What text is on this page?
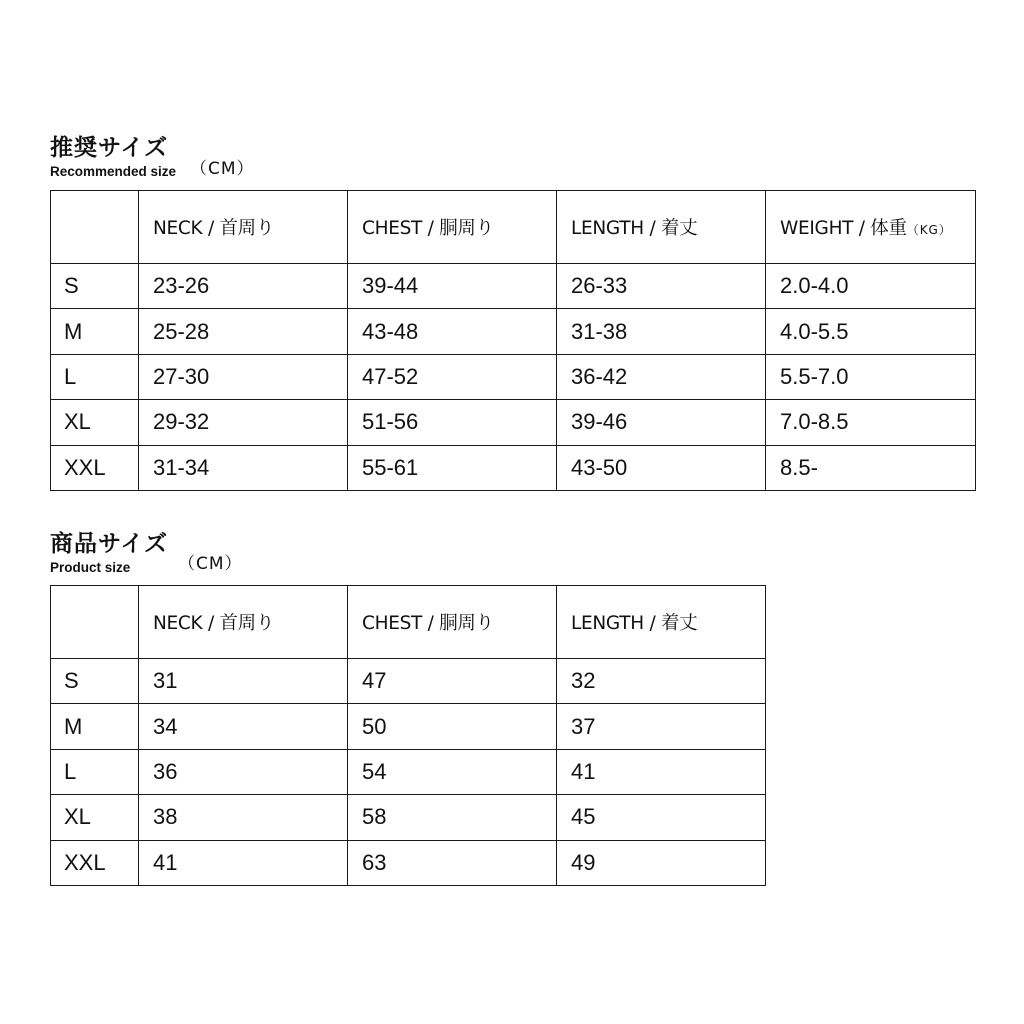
推奨サイズ
Recommended size （CM）
	NECK / 首周り	CHEST / 胴周り	LENGTH / 着丈	WEIGHT / 体重（KG）
S	23-26	39-44	26-33	2.0-4.0
M	25-28	43-48	31-38	4.0-5.5
L	27-30	47-52	36-42	5.5-7.0
XL	29-32	51-56	39-46	7.0-8.5
XXL	31-34	55-61	43-50	8.5-
商品サイズ
Product size	（CM）
	NECK / 首周り	CHEST / 胴周り	LENGTH / 着丈
S	31	47	32
M	34	50	37
L	36	54	41
XL	38	58	45
XXL	41	63	49
